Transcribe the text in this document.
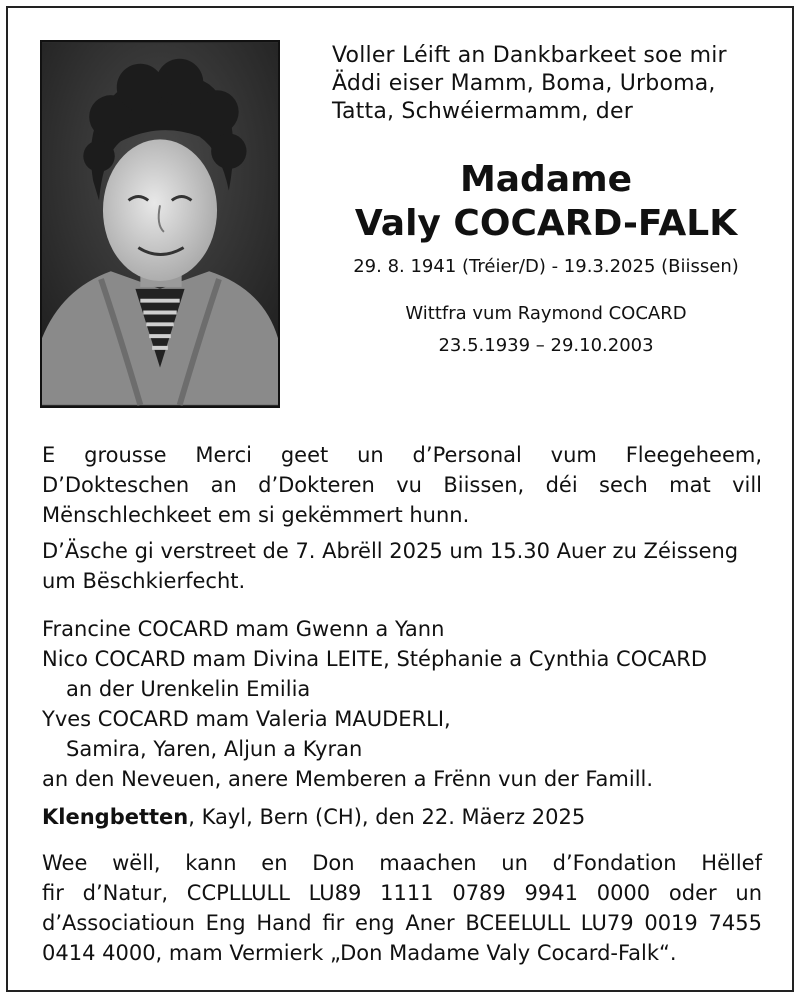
Voller Léift an Dankbarkeet soe mir
Äddi eiser Mamm, Boma, Urboma,
Tatta, Schwéiermamm, der
Madame
Valy COCARD-FALK
29. 8. 1941 (Tréier/D) - 19.3.2025 (Biissen)
Wittfra vum Raymond COCARD
23.5.1939 – 29.10.2003
E grousse Merci geet un d’Personal vum Fleegeheem,
D’Dokteschen an d’Dokteren vu Biissen, déi sech mat vill
Mënschlechkeet em si gekëmmert hunn.
D’Äsche gi verstreet de 7. Abrëll 2025 um 15.30 Auer zu Zéisseng
um Bëschkierfecht.
Francine COCARD mam Gwenn a Yann
Nico COCARD mam Divina LEITE, Stéphanie a Cynthia COCARD
an der Urenkelin Emilia
Yves COCARD mam Valeria MAUDERLI,
Samira, Yaren, Aljun a Kyran
an den Neveuen, anere Memberen a Frënn vun der Famill.
Klengbetten, Kayl, Bern (CH), den 22. Mäerz 2025
Wee wëll, kann en Don maachen un d’Fondation Hëllef
fir d’Natur, CCPLLULL LU89 1111 0789 9941 0000 oder un
d’Associatioun Eng Hand fir eng Aner BCEELULL LU79 0019 7455
0414 4000, mam Vermierk „Don Madame Valy Cocard-Falk“.
